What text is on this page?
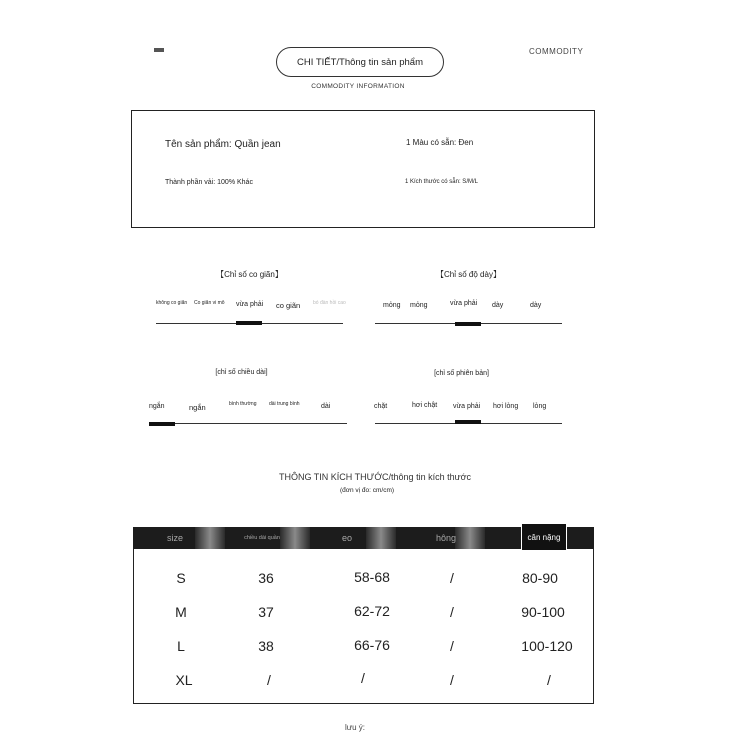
CHI TIẾT/Thông tin sản phẩm
COMMODITY
COMMODITY INFORMATION
Tên sản phẩm: Quần jean	1 Màu có sẵn: Đen
Thành phần vải: 100% Khác	1 Kích thước có sẵn: S/M/L
【Chỉ số co giãn】
không co giãn	Co giãn vi mô	vừa phải co giãn	bó đàn hồi cao
【Chỉ số độ dày】
mỏng mỏng	vừa phải dày	dày
[chỉ số chiều dài]
ngắn	ngắn	bình thường	dài trung bình	dài
[chỉ số phiên bản]
chặt	hơi chật vừa phải hơi lỏng lỏng
THÔNG TIN KÍCH THƯỚC/thông tin kích thước
(đơn vị đo: cm/cm)
size	chiều dài quần	eo	hông	cân nặng
S	36	58-68	/	80-90
M	37	62-72	/	90-100
L	38	66-76	/	100-120
XL	/	/	/	/
lưu ý:
